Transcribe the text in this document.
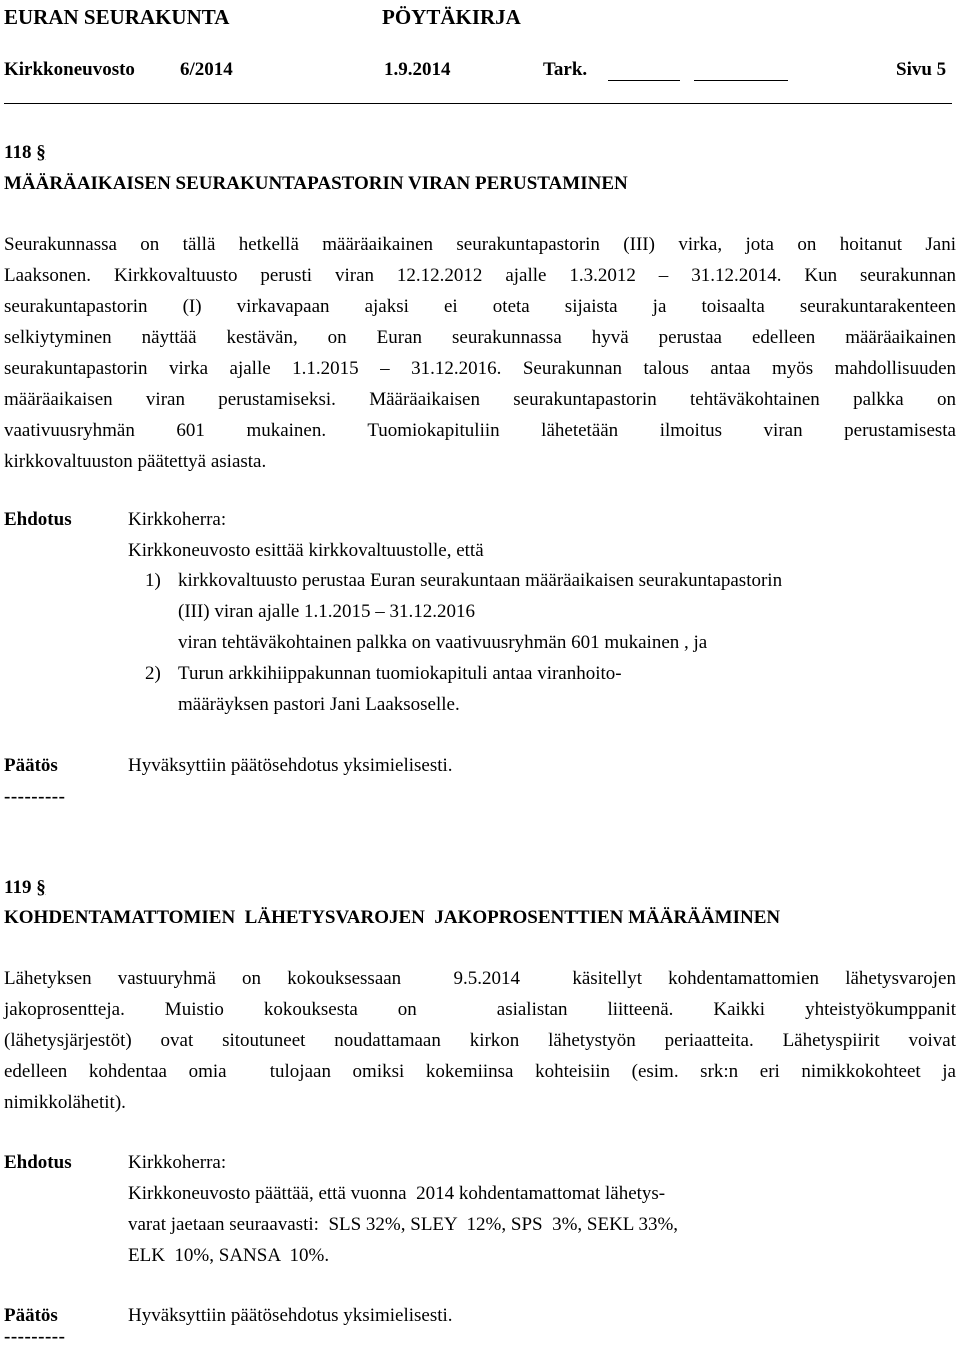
EURAN SEURAKUNTA	PÖYTÄKIRJA
Kirkkoneuvosto 6/2014	1.9.2014	Tark.	Sivu 5
118 §
MÄÄRÄAIKAISEN SEURAKUNTAPASTORIN VIRAN PERUSTAMINEN
Seurakunnassa on tällä hetkellä määräaikainen seurakuntapastorin (III) virka, jota on hoitanut Jani
Laaksonen. Kirkkovaltuusto perusti viran 12.12.2012 ajalle 1.3.2012 – 31.12.2014. Kun seurakunnan
seurakuntapastorin (I) virkavapaan ajaksi ei oteta sijaista ja toisaalta seurakuntarakenteen
selkiytyminen näyttää kestävän, on Euran seurakunnassa hyvä perustaa edelleen määräaikainen
seurakuntapastorin virka ajalle 1.1.2015 – 31.12.2016. Seurakunnan talous antaa myös mahdollisuuden
määräaikaisen viran perustamiseksi. Määräaikaisen seurakuntapastorin tehtäväkohtainen palkka on
vaativuusryhmän 601 mukainen. Tuomiokapituliin lähetetään ilmoitus viran perustamisesta
kirkkovaltuuston päätettyä asiasta.
Ehdotus	Kirkkoherra:
Kirkkoneuvosto esittää kirkkovaltuustolle, että
1) kirkkovaltuusto perustaa Euran seurakuntaan määräaikaisen seurakuntapastorin
(III) viran ajalle 1.1.2015 – 31.12.2016
viran tehtäväkohtainen palkka on vaativuusryhmän 601 mukainen , ja
2) Turun arkkihiippakunnan tuomiokapituli antaa viranhoito-
määräyksen pastori Jani Laaksoselle.
Päätös	Hyväksyttiin päätösehdotus yksimielisesti.
---------
119 §
KOHDENTAMATTOMIEN  LÄHETYSVAROJEN  JAKOPROSENTTIEN MÄÄRÄÄMINEN
Lähetyksen vastuuryhmä on kokouksessaan  9.5.2014  käsitellyt kohdentamattomien lähetysvarojen
jakoprosentteja. Muistio kokouksesta on  asialistan liitteenä. Kaikki yhteistyökumppanit
(lähetysjärjestöt) ovat sitoutuneet noudattamaan kirkon lähetystyön periaatteita. Lähetyspiirit voivat
edelleen kohdentaa omia  tulojaan omiksi kokemiinsa kohteisiin (esim. srk:n eri nimikkokohteet ja
nimikkolähetit).
Ehdotus	Kirkkoherra:
Kirkkoneuvosto päättää, että vuonna  2014 kohdentamattomat lähetys-
varat jaetaan seuraavasti:  SLS 32%, SLEY  12%, SPS  3%, SEKL 33%,
ELK  10%, SANSA  10%.
Päätös	Hyväksyttiin päätösehdotus yksimielisesti.
---------
